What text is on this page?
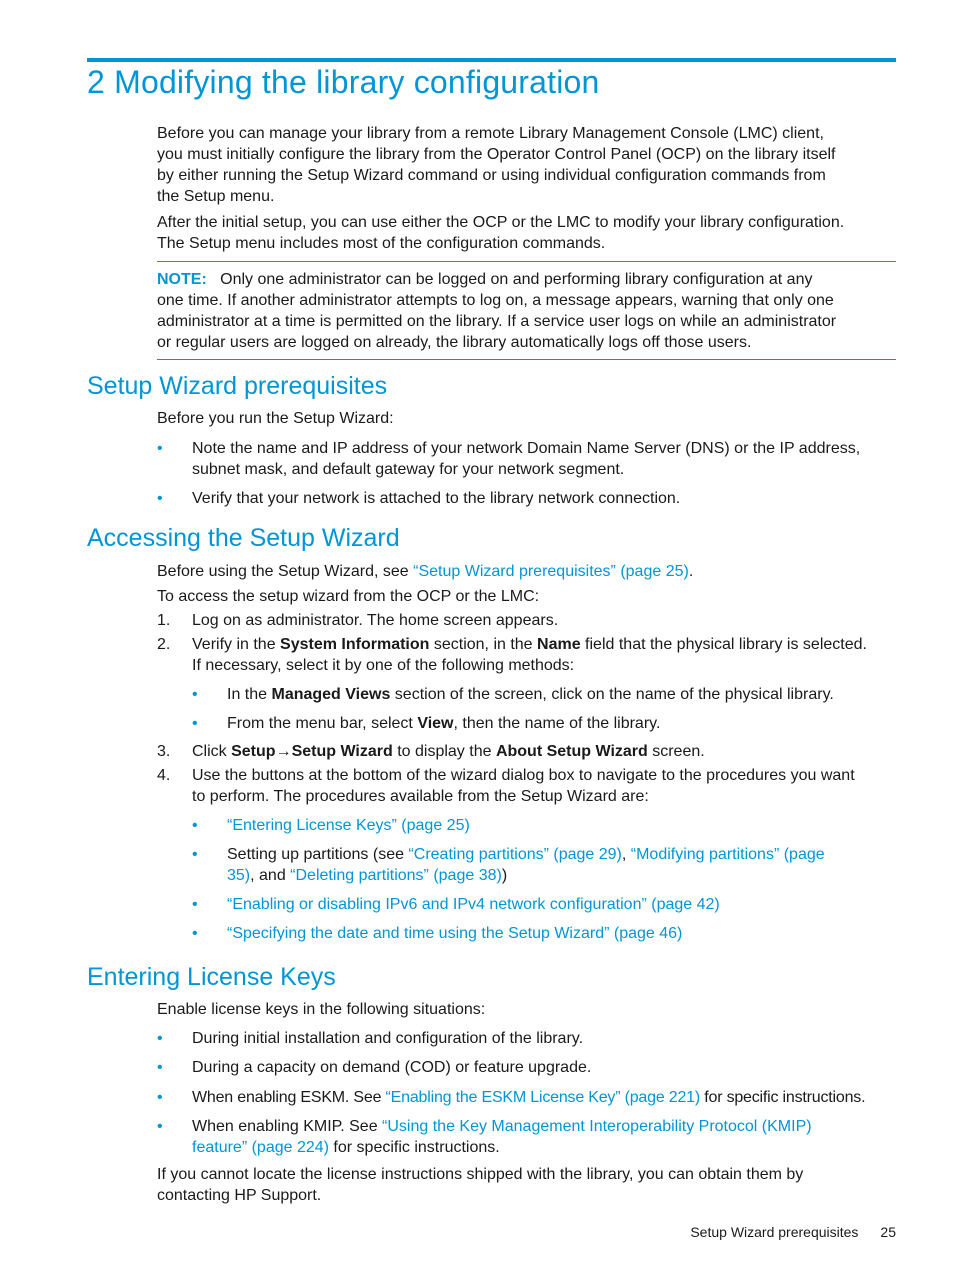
2 Modifying the library configuration

Before you can manage your library from a remote Library Management Console (LMC) client,
you must initially configure the library from the Operator Control Panel (OCP) on the library itself
by either running the Setup Wizard command or using individual configuration commands from
the Setup menu.

After the initial setup, you can use either the OCP or the LMC to modify your library configuration.
The Setup menu includes most of the configuration commands.

NOTE: Only one administrator can be logged on and performing library configuration at any
one time. If another administrator attempts to log on, a message appears, warning that only one
administrator at a time is permitted on the library. If a service user logs on while an administrator
or regular users are logged on already, the library automatically logs off those users.

Setup Wizard prerequisites

Before you run the Setup Wizard:

• Note the name and IP address of your network Domain Name Server (DNS) or the IP address,
subnet mask, and default gateway for your network segment.

• Verify that your network is attached to the library network connection.

Accessing the Setup Wizard

Before using the Setup Wizard, see “Setup Wizard prerequisites” (page 25).

To access the setup wizard from the OCP or the LMC:

1. Log on as administrator. The home screen appears.

2. Verify in the System Information section, in the Name field that the physical library is selected.
If necessary, select it by one of the following methods:

• In the Managed Views section of the screen, click on the name of the physical library.

• From the menu bar, select View, then the name of the library.

3. Click Setup→Setup Wizard to display the About Setup Wizard screen.

4. Use the buttons at the bottom of the wizard dialog box to navigate to the procedures you want
to perform. The procedures available from the Setup Wizard are:

• “Entering License Keys” (page 25)

• Setting up partitions (see “Creating partitions” (page 29), “Modifying partitions” (page
35), and “Deleting partitions” (page 38))

• “Enabling or disabling IPv6 and IPv4 network configuration” (page 42)

• “Specifying the date and time using the Setup Wizard” (page 46)

Entering License Keys

Enable license keys in the following situations:

• During initial installation and configuration of the library.

• During a capacity on demand (COD) or feature upgrade.

• When enabling ESKM. See “Enabling the ESKM License Key” (page 221) for specific instructions.

• When enabling KMIP. See “Using the Key Management Interoperability Protocol (KMIP)
feature” (page 224) for specific instructions.

If you cannot locate the license instructions shipped with the library, you can obtain them by
contacting HP Support.

Setup Wizard prerequisites 25
